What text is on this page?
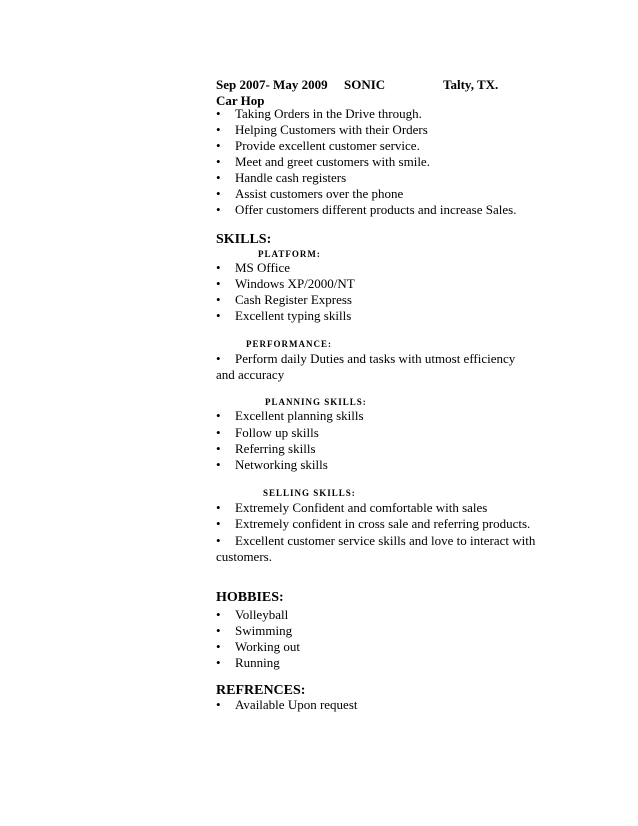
Sep 2007- May 2009 SONIC	Talty, TX.
Car Hop
• Taking Orders in the Drive through.
• Helping Customers with their Orders
• Provide excellent customer service.
• Meet and greet customers with smile.
• Handle cash registers
• Assist customers over the phone
• Offer customers different products and increase Sales.
SKILLS:
PLATFORM:
• MS Office
• Windows XP/2000/NT
• Cash Register Express
• Excellent typing skills
PERFORMANCE:
• Perform daily Duties and tasks with utmost efficiency and accuracy
PLANNING SKILLS:
• Excellent planning skills
• Follow up skills
• Referring skills
• Networking skills
SELLING SKILLS:
• Extremely Confident and comfortable with sales
• Extremely confident in cross sale and referring products.
• Excellent customer service skills and love to interact with customers.
HOBBIES:
• Volleyball
• Swimming
• Working out
• Running
REFRENCES:
• Available Upon request
